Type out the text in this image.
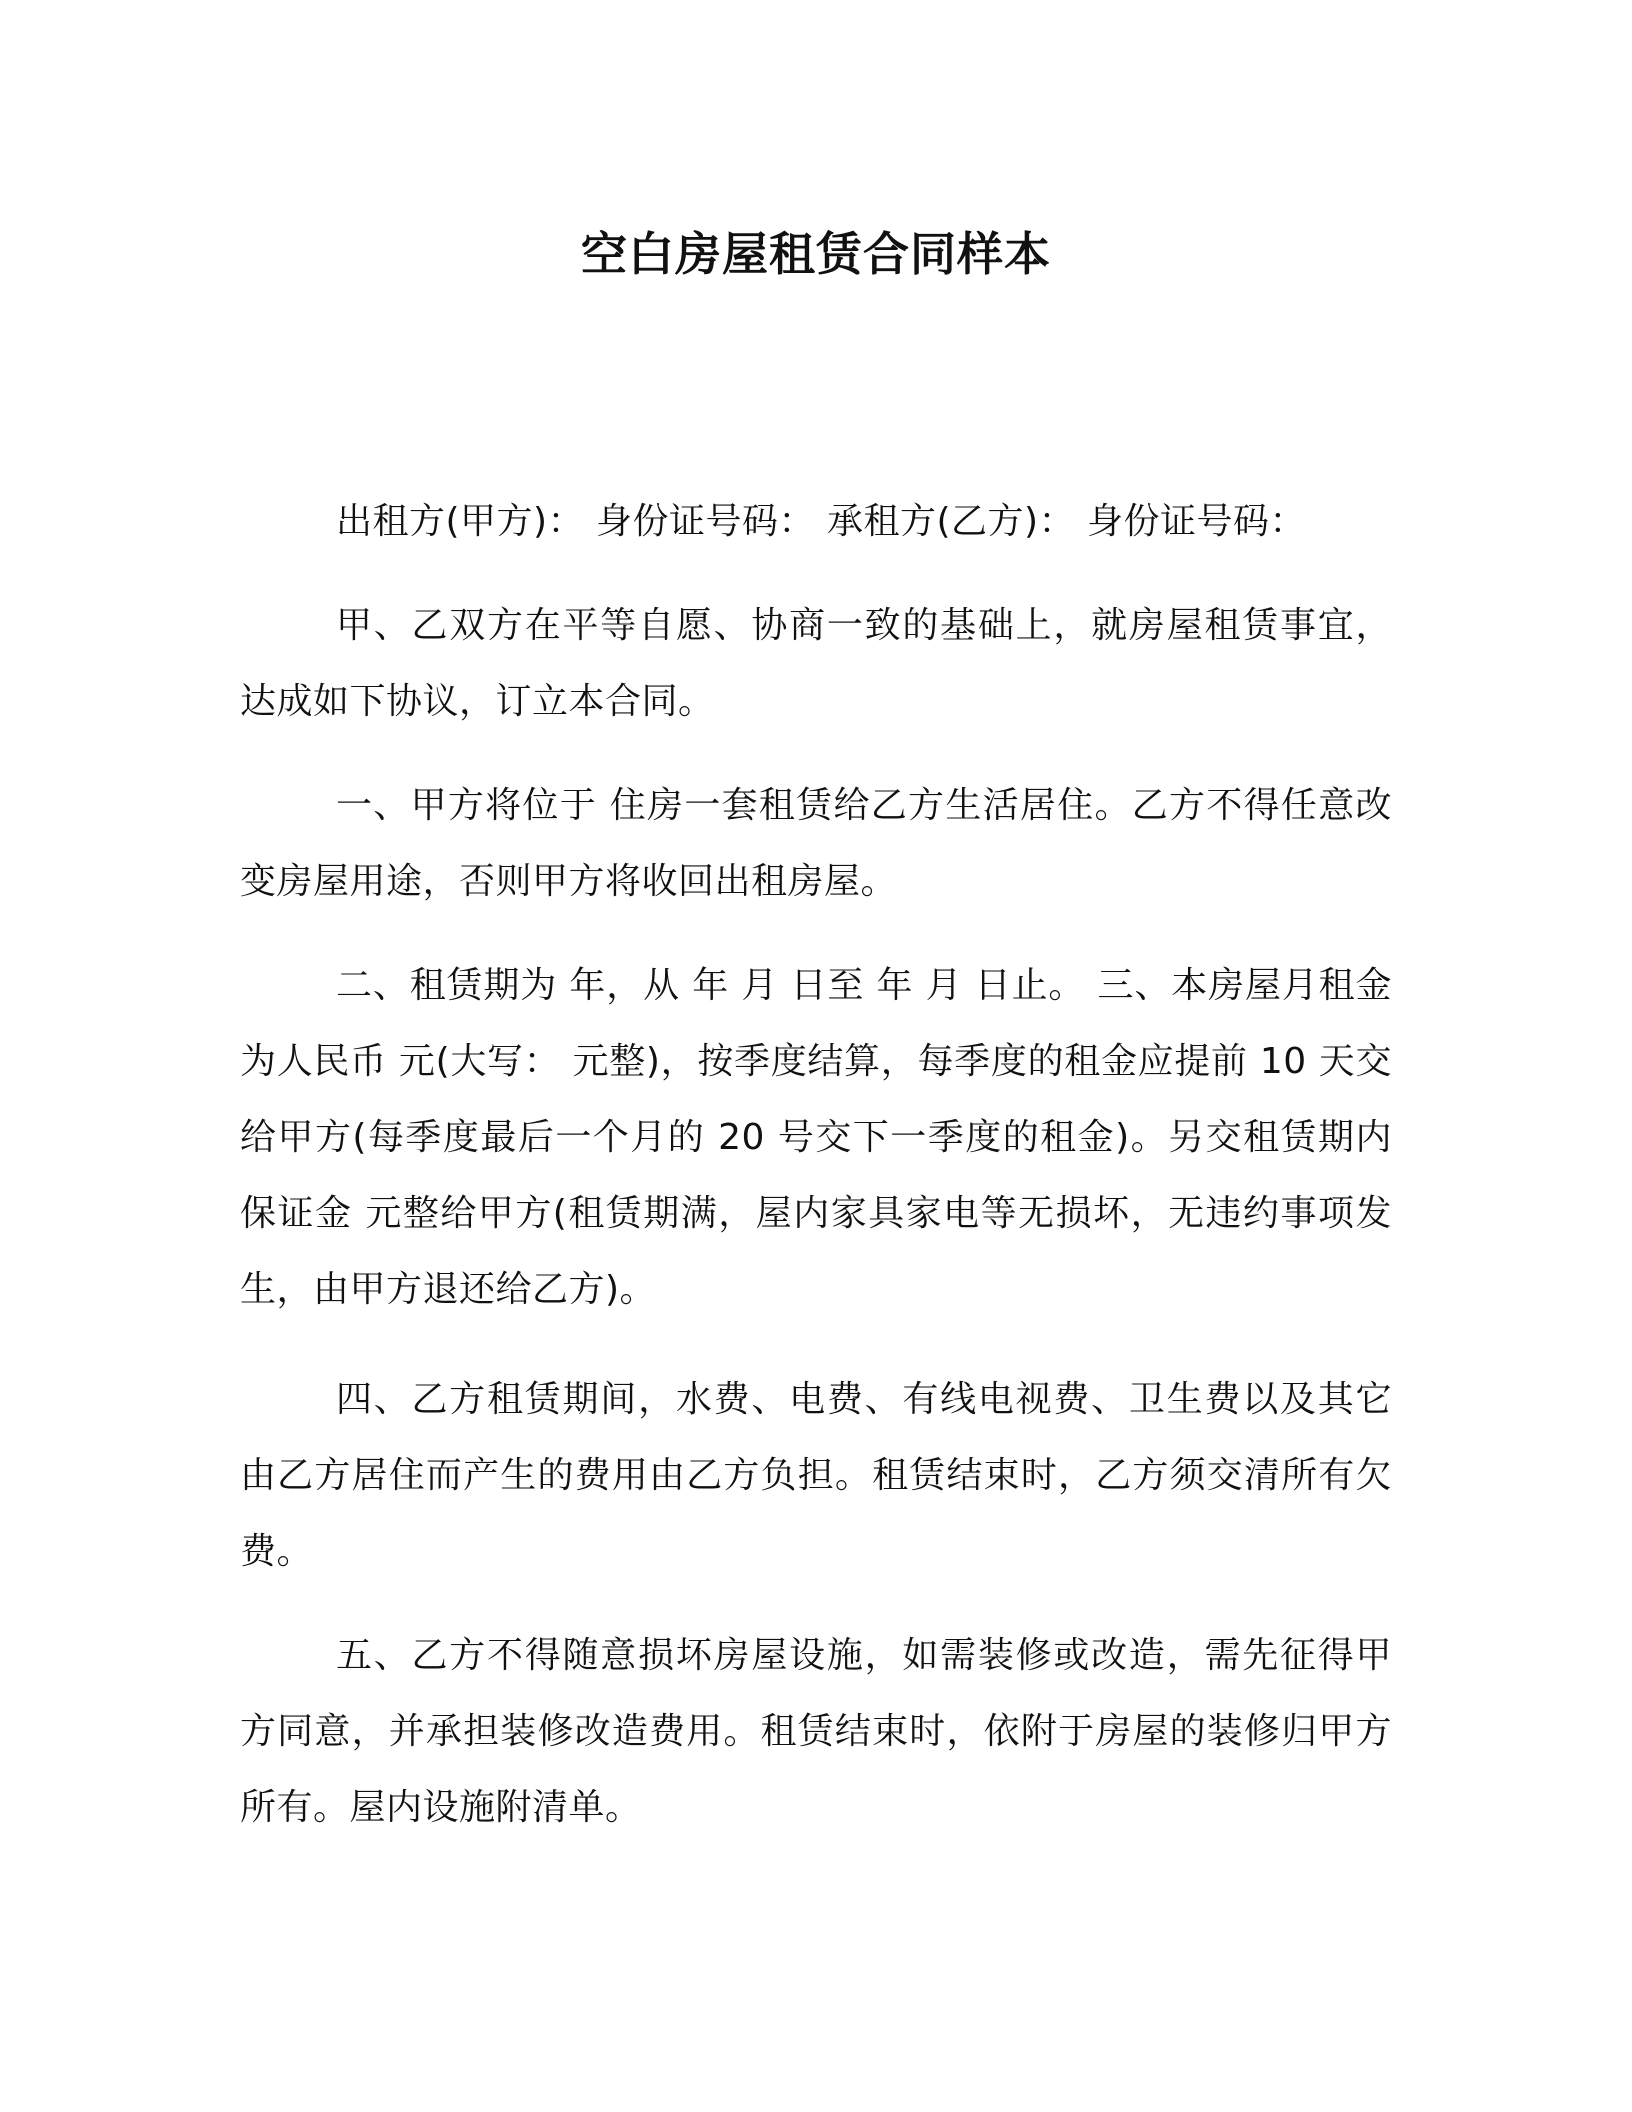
空白房屋租赁合同样本

出租方(甲方)： 身份证号码： 承租方(乙方)： 身份证号码：

甲、乙双方在平等自愿、协商一致的基础上，就房屋租赁事宜，达成如下协议，订立本合同。

一、甲方将位于 住房一套租赁给乙方生活居住。乙方不得任意改变房屋用途，否则甲方将收回出租房屋。

二、租赁期为 年，从 年 月 日至 年 月 日止。 三、本房屋月租金为人民币 元(大写： 元整)，按季度结算，每季度的租金应提前 10 天交给甲方(每季度最后一个月的 20 号交下一季度的租金)。另交租赁期内保证金 元整给甲方(租赁期满，屋内家具家电等无损坏，无违约事项发生，由甲方退还给乙方)。

四、乙方租赁期间，水费、电费、有线电视费、卫生费以及其它由乙方居住而产生的费用由乙方负担。租赁结束时，乙方须交清所有欠费。

五、乙方不得随意损坏房屋设施，如需装修或改造，需先征得甲方同意，并承担装修改造费用。租赁结束时，依附于房屋的装修归甲方所有。屋内设施附清单。
